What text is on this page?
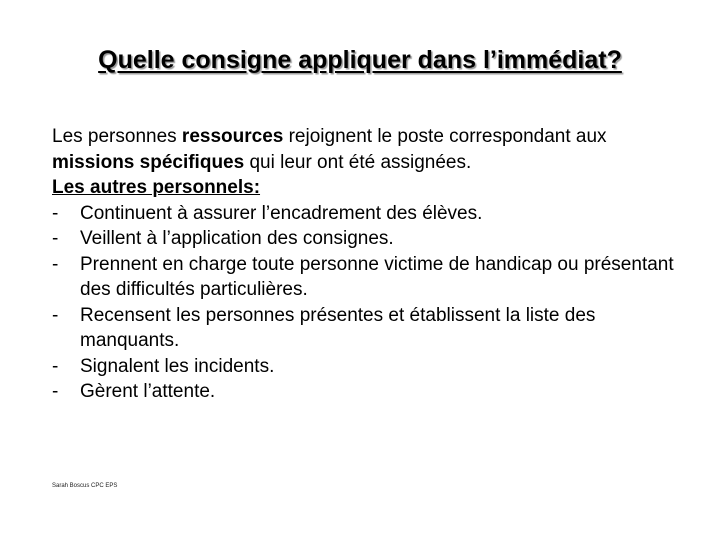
Quelle consigne appliquer dans l’immédiat?

Les personnes ressources rejoignent le poste correspondant aux missions spécifiques qui leur ont été assignées.

Les autres personnels:

-	Continuent à assurer l’encadrement des élèves.
-	Veillent à l’application des consignes.
-	Prennent en charge toute personne victime de handicap ou présentant des difficultés particulières.
-	Recensent les personnes présentes et établissent la liste des manquants.
-	Signalent les incidents.
-	Gèrent l’attente.
Sarah Boscus CPC EPS
